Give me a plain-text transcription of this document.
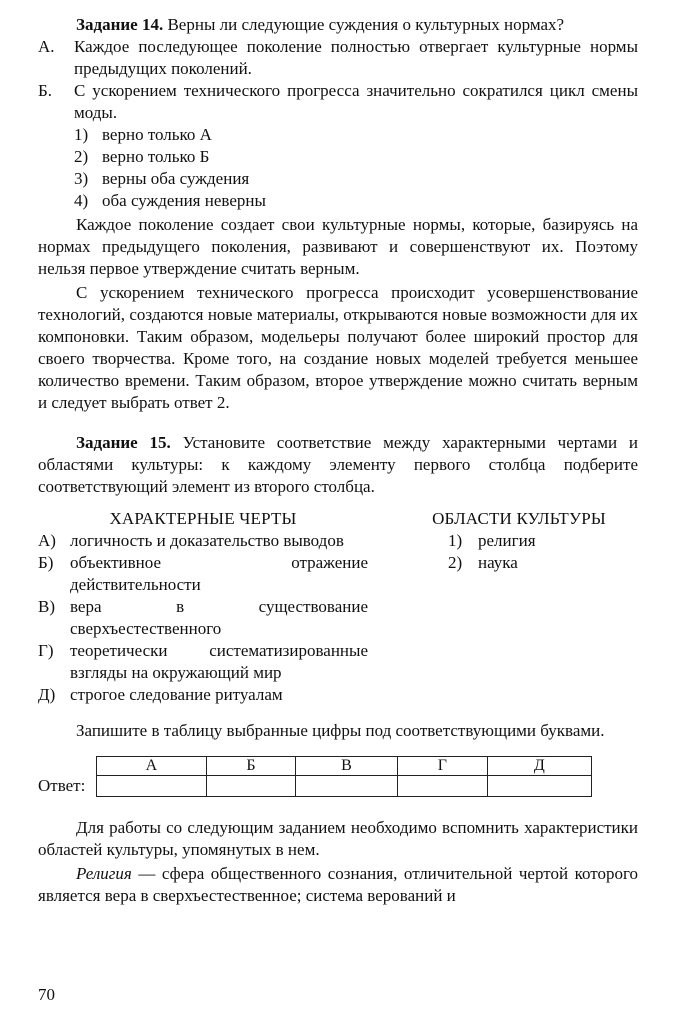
Задание 14. Верны ли следующие суждения о культурных нормах?

А.	Каждое последующее поколение полностью отвергает культурные нормы предыдущих поколений.
Б.	С ускорением технического прогресса значительно сократился цикл смены моды.
1) верно только А
2) верно только Б
3) верны оба суждения
4) оба суждения неверны

Каждое поколение создает свои культурные нормы, которые, базируясь на нормах предыдущего поколения, развивают и совершенствуют их. Поэтому нельзя первое утверждение считать верным.

С ускорением технического прогресса происходит усовершенствование технологий, создаются новые материалы, открываются новые возможности для их компоновки. Таким образом, модельеры получают более широкий простор для своего творчества. Кроме того, на создание новых моделей требуется меньшее количество времени. Таким образом, второе утверждение можно считать верным и следует выбрать ответ 2.

Задание 15. Установите соответствие между характерными чертами и областями культуры: к каждому элементу первого столбца подберите соответствующий элемент из второго столбца.

ХАРАКТЕРНЫЕ ЧЕРТЫ
А) логичность и доказательство выводов
Б) объективное отражение действительности
В) вера в существование сверхъестественного
Г) теоретически систематизированные взгляды на окружающий мир
Д) строгое следование ритуалам
ОБЛАСТИ КУЛЬТУРЫ
1) религия
2) наука

Запишите в таблицу выбранные цифры под соответствующими буквами.

Ответ:
А	Б	В	Г	Д

Для работы со следующим заданием необходимо вспомнить характеристики областей культуры, упомянутых в нем.

Религия — сфера общественного сознания, отличительной чертой которого является вера в сверхъестественное; система верований и

70
